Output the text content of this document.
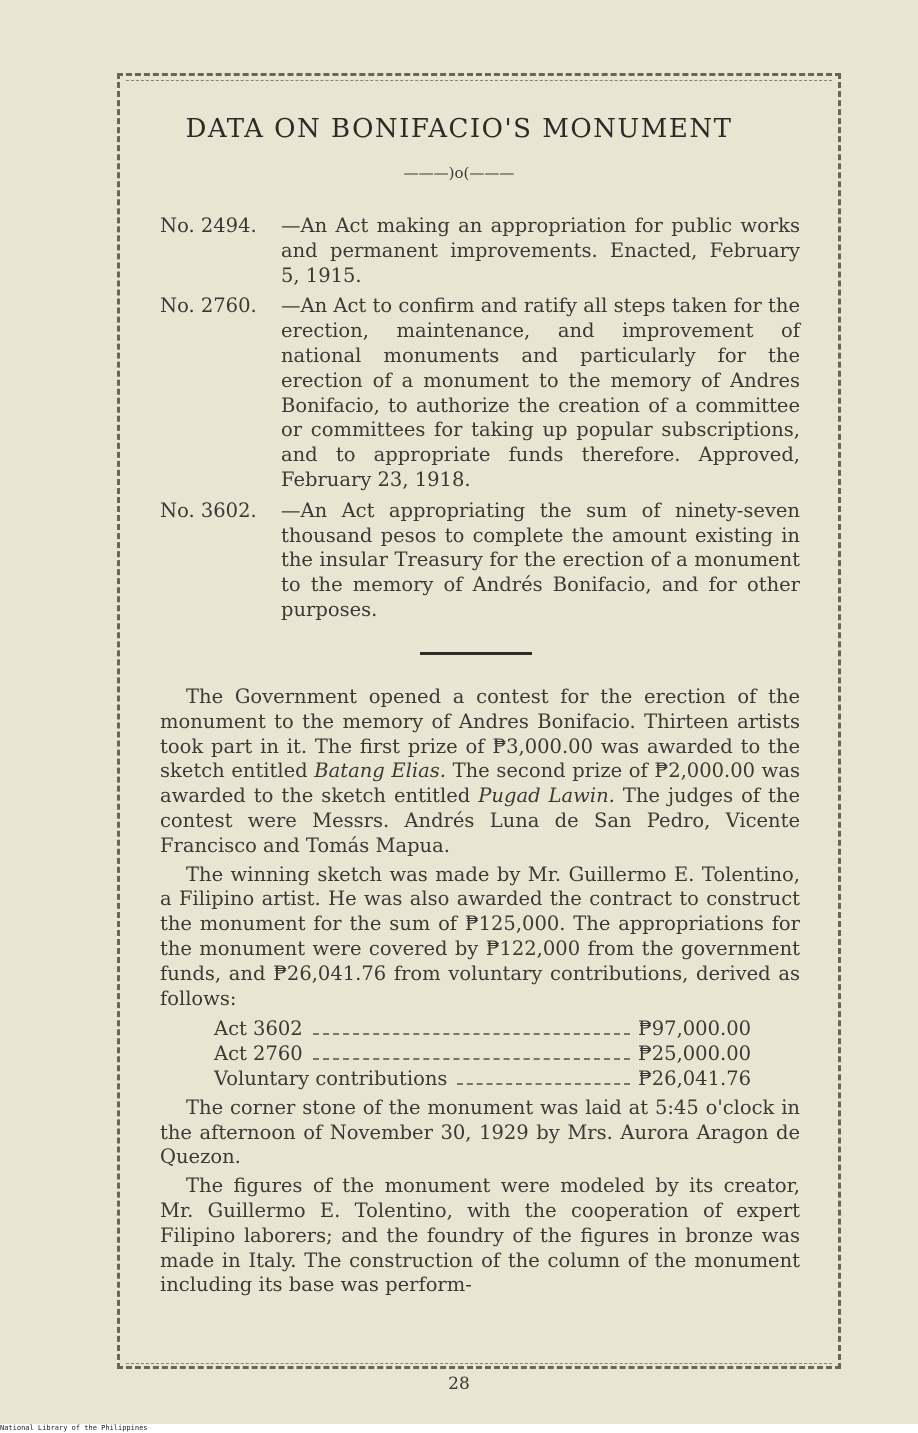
DATA ON BONIFACIO'S MONUMENT
———)o(———
No. 2494. —An Act making an appropriation for public works and permanent improvements. Enacted, February 5, 1915.
No. 2760. —An Act to confirm and ratify all steps taken for the erection, maintenance, and improvement of national monuments and particularly for the erection of a monument to the memory of Andres Bonifacio, to authorize the creation of a committee or committees for taking up popular subscriptions, and to appropriate funds therefore. Approved, February 23, 1918.
No. 3602. —An Act appropriating the sum of ninety-seven thousand pesos to complete the amount existing in the insular Treasury for the erection of a monument to the memory of Andrés Bonifacio, and for other purposes.

The Government opened a contest for the erection of the monument to the memory of Andres Bonifacio. Thirteen artists took part in it. The first prize of ₱3,000.00 was awarded to the sketch entitled Batang Elias. The second prize of ₱2,000.00 was awarded to the sketch entitled Pugad Lawin. The judges of the contest were Messrs. Andrés Luna de San Pedro, Vicente Francisco and Tomás Mapua.

The winning sketch was made by Mr. Guillermo E. Tolentino, a Filipino artist. He was also awarded the contract to construct the monument for the sum of ₱125,000. The appropriations for the monument were covered by ₱122,000 from the government funds, and ₱26,041.76 from voluntary contributions, derived as follows:

Act 3602	₱97,000.00
Act 2760	₱25,000.00
Voluntary contributions	₱26,041.76

The corner stone of the monument was laid at 5:45 o'clock in the afternoon of November 30, 1929 by Mrs. Aurora Aragon de Quezon.

The figures of the monument were modeled by its creator, Mr. Guillermo E. Tolentino, with the cooperation of expert Filipino laborers; and the foundry of the figures in bronze was made in Italy. The construction of the column of the monument including its base was perform-

28
National Library of the Philippines
